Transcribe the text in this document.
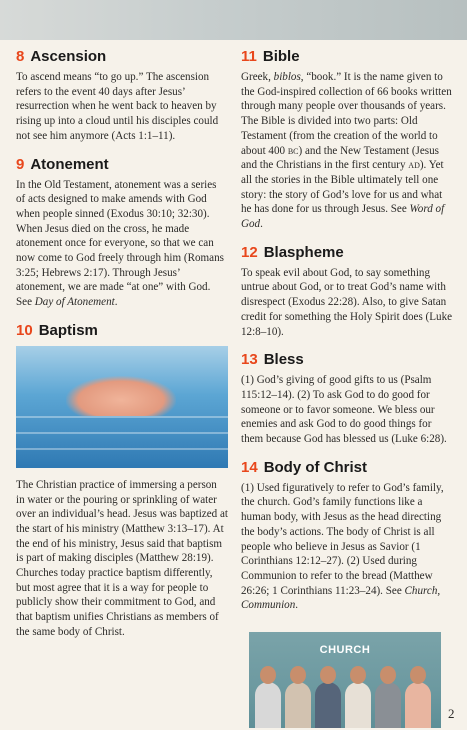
8 Ascension

To ascend means “to go up.” The ascension refers to the event 40 days after Jesus’ resurrection when he went back to heaven by rising up into a cloud until his disciples could not see him anymore (Acts 1:1–11).

9 Atonement

In the Old Testament, atonement was a series of acts designed to make amends with God when people sinned (Exodus 30:10; 32:30). When Jesus died on the cross, he made atonement once for everyone, so that we can now come to God freely through him (Romans 3:25; Hebrews 2:17). Through Jesus’ atonement, we are made “at one” with God. See Day of Atonement.

10 Baptism

The Christian practice of immersing a person in water or the pouring or sprinkling of water over an individual’s head. Jesus was baptized at the start of his ministry (Matthew 3:13–17). At the end of his ministry, Jesus said that baptism is part of making disciples (Matthew 28:19). Churches today practice baptism differently, but most agree that it is a way for people to publicly show their commitment to God, and that baptism unifies Christians as members of the same body of Christ.

11 Bible

Greek, biblos, “book.” It is the name given to the God-inspired collection of 66 books written through many people over thousands of years. The Bible is divided into two parts: Old Testament (from the creation of the world to about 400 bc) and the New Testament (Jesus and the Christians in the first century ad). Yet all the stories in the Bible ultimately tell one story: the story of God’s love for us and what he has done for us through Jesus. See Word of God.

12 Blaspheme

To speak evil about God, to say something untrue about God, or to treat God’s name with disrespect (Exodus 22:28). Also, to give Satan credit for something the Holy Spirit does (Luke 12:8–10).

13 Bless

(1) God’s giving of good gifts to us (Psalm 115:12–14). (2) To ask God to do good for someone or to favor someone. We bless our enemies and ask God to do good things for them because God has blessed us (Luke 6:28).

14 Body of Christ

(1) Used figuratively to refer to God’s family, the church. God’s family functions like a human body, with Jesus as the head directing the body’s actions. The body of Christ is all people who believe in Jesus as Savior (1 Corinthians 12:12–27). (2) Used during Communion to refer to the bread (Matthew 26:26; 1 Corinthians 11:23–24). See Church, Communion.

CHURCH
2
